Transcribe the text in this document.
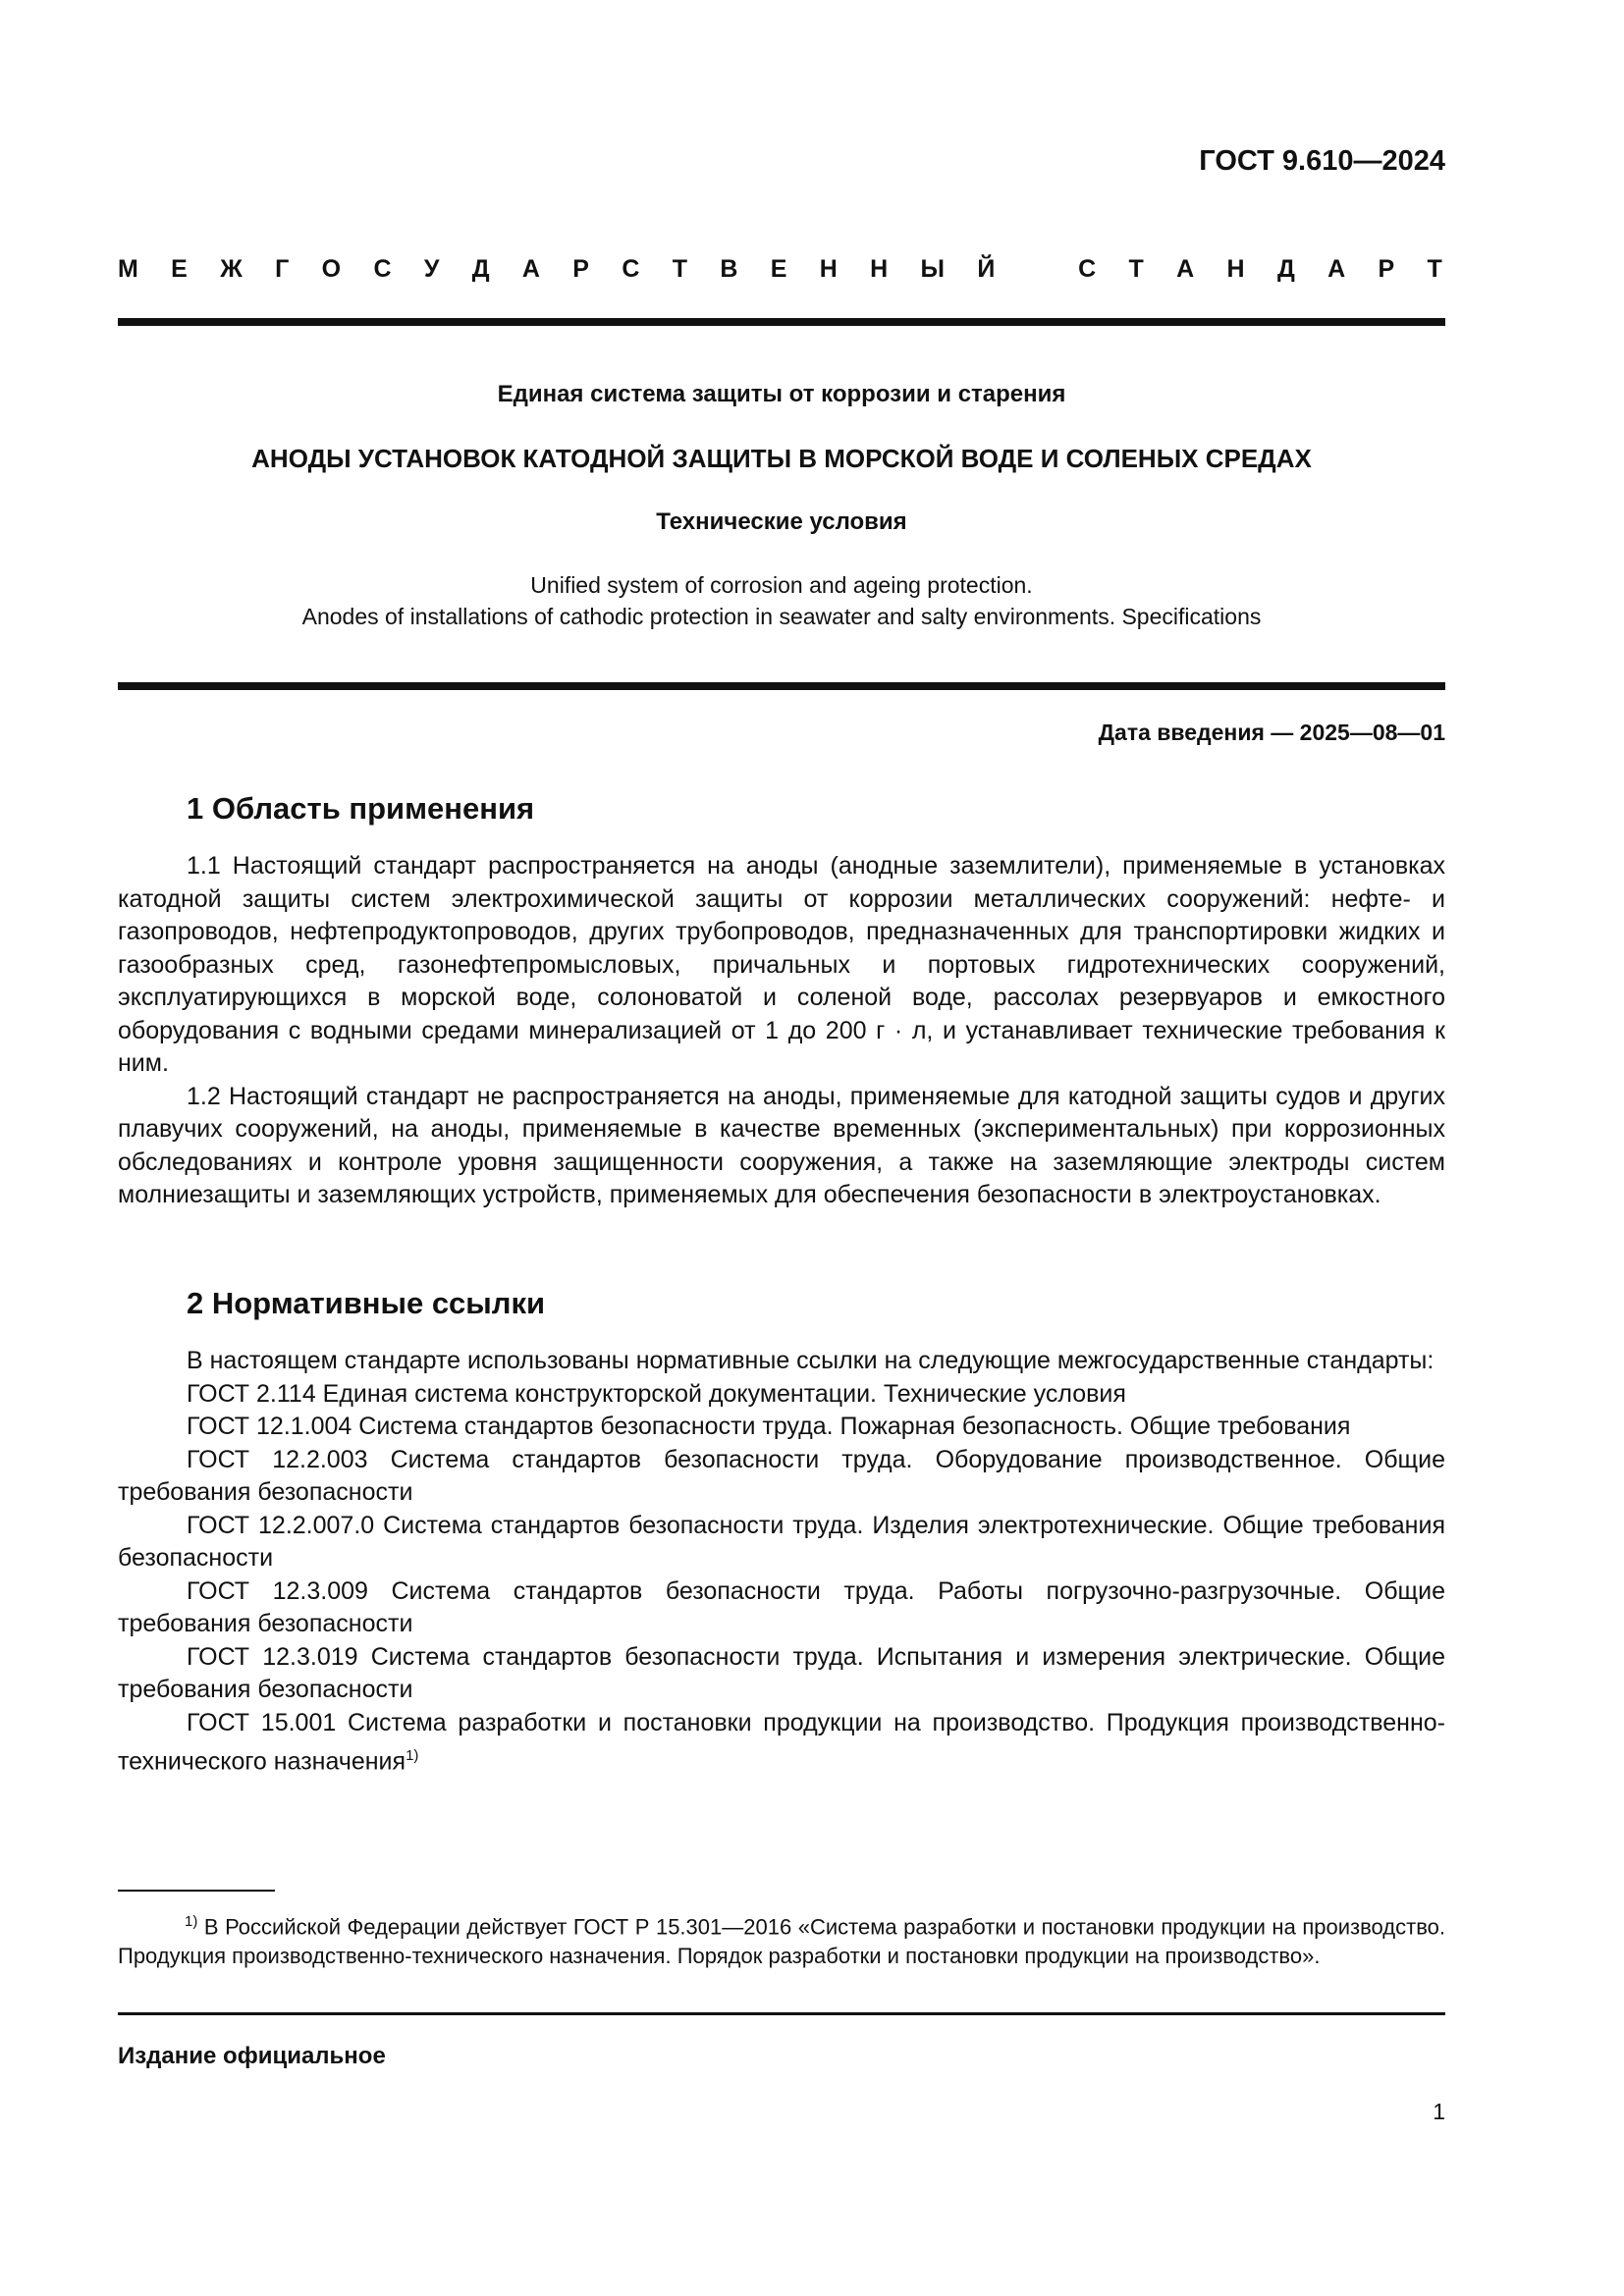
ГОСТ 9.610—2024
М Е Ж Г О С У Д А Р С Т В Е Н Н Ы Й	С Т А Н Д А Р Т
Единая система защиты от коррозии и старения
АНОДЫ УСТАНОВОК КАТОДНОЙ ЗАЩИТЫ В МОРСКОЙ ВОДЕ И СОЛЕНЫХ СРЕДАХ
Технические условия
Unified system of corrosion and ageing protection.
Anodes of installations of cathodic protection in seawater and salty environments. Specifications
Дата введения — 2025—08—01
1 Область применения

1.1 Настоящий стандарт распространяется на аноды (анодные заземлители), применяемые в установках катодной защиты систем электрохимической защиты от коррозии металлических сооружений: нефте- и газопроводов, нефтепродуктопроводов, других трубопроводов, предназначенных для транспортировки жидких и газообразных сред, газонефтепромысловых, причальных и портовых гидротехнических сооружений, эксплуатирующихся в морской воде, солоноватой и соленой воде, рассолах резервуаров и емкостного оборудования с водными средами минерализацией от 1 до 200 г · л, и устанавливает технические требования к ним.

1.2 Настоящий стандарт не распространяется на аноды, применяемые для катодной защиты судов и других плавучих сооружений, на аноды, применяемые в качестве временных (экспериментальных) при коррозионных обследованиях и контроле уровня защищенности сооружения, а также на заземляющие электроды систем молниезащиты и заземляющих устройств, применяемых для обеспечения безопасности в электроустановках.

2 Нормативные ссылки

В настоящем стандарте использованы нормативные ссылки на следующие межгосударственные стандарты:

ГОСТ 2.114 Единая система конструкторской документации. Технические условия

ГОСТ 12.1.004 Система стандартов безопасности труда. Пожарная безопасность. Общие требования

ГОСТ 12.2.003 Система стандартов безопасности труда. Оборудование производственное. Общие требования безопасности

ГОСТ 12.2.007.0 Система стандартов безопасности труда. Изделия электротехнические. Общие требования безопасности

ГОСТ 12.3.009 Система стандартов безопасности труда. Работы погрузочно-разгрузочные. Общие требования безопасности

ГОСТ 12.3.019 Система стандартов безопасности труда. Испытания и измерения электрические. Общие требования безопасности

ГОСТ 15.001 Система разработки и постановки продукции на производство. Продукция производственно-технического назначения$^{1)}$

$^{1)}$ В Российской Федерации действует ГОСТ Р 15.301—2016 «Система разработки и постановки продукции на производство. Продукция производственно-технического назначения. Порядок разработки и постановки продукции на производство».
Издание официальное
1
